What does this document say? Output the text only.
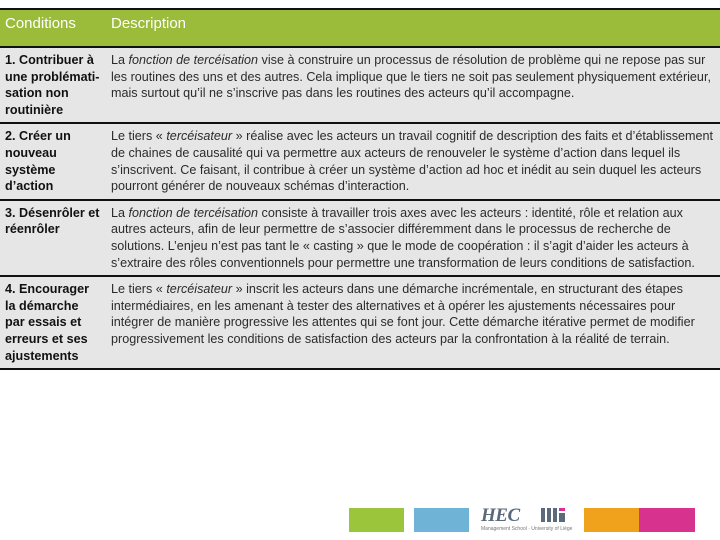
Conditions	Description
1. Contribuer à une problémati-sation non routinière	La fonction de tercéisation vise à construire un processus de résolution de problème qui ne repose pas sur les routines des uns et des autres. Cela implique que le tiers ne soit pas seulement physiquement extérieur, mais surtout qu’il ne s’inscrive pas dans les routines des acteurs qu’il accompagne.
2. Créer un nouveau système d’action	Le tiers « tercéisateur » réalise avec les acteurs un travail cognitif de description des faits et d’établissement de chaines de causalité qui va permettre aux acteurs de renouveler le système d’action dans lequel ils s’inscrivent. Ce faisant, il contribue à créer un système d’action ad hoc et inédit au sein duquel les acteurs pourront générer de nouveaux schémas d’interaction.
3. Désenrôler et réenrôler	La fonction de tercéisation consiste à travailler trois axes avec les acteurs : identité, rôle et relation aux autres acteurs, afin de leur permettre de s’associer différemment dans le processus de recherche de solutions. L’enjeu n’est pas tant le « casting » que le mode de coopération : il s’agit d’aider les acteurs à s’extraire des rôles conventionnels pour permettre une transformation de leurs conditions de satisfaction.
4. Encourager la démarche par essais et erreurs et ses ajustements	Le tiers « tercéisateur » inscrit les acteurs dans une démarche incrémentale, en structurant des étapes intermédiaires, en les amenant à tester des alternatives et à opérer les ajustements nécessaires pour intégrer de manière progressive les attentes qui se font jour. Cette démarche itérative permet de modifier progressivement les conditions de satisfaction des acteurs par la confrontation à la réalité de terrain.
HEC
Management School · University of Liège
